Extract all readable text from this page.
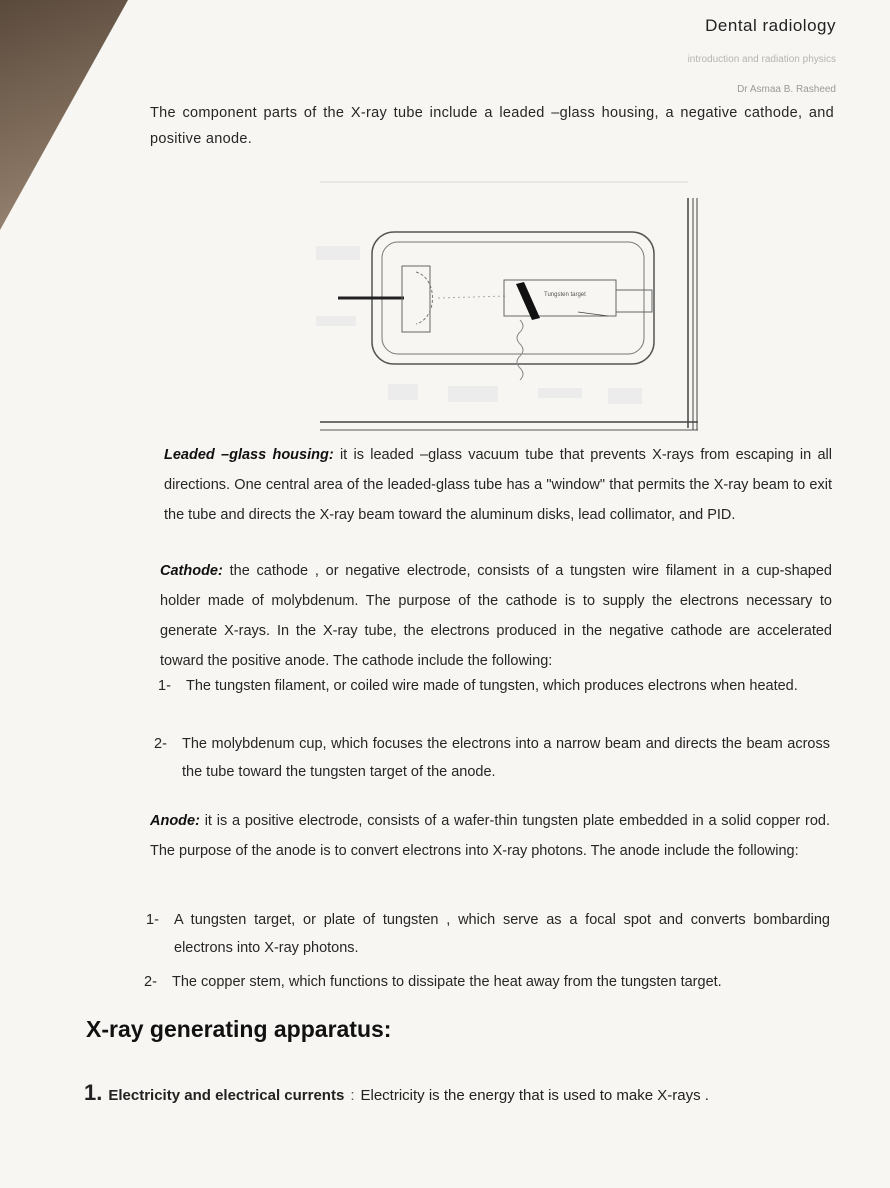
Dental radiology
introduction and radiation physics
Dr Asmaa B. Rasheed
The component parts of the X-ray tube include a leaded –glass housing, a negative cathode, and positive anode.
Tungsten target
Leaded –glass housing: it is leaded –glass vacuum tube that prevents X-rays from escaping in all directions. One central area of the leaded-glass tube has a "window" that permits the X-ray beam to exit the tube and directs the X-ray beam toward the aluminum disks, lead collimator, and PID.
Cathode: the cathode , or negative electrode, consists of a tungsten wire filament in a cup-shaped holder made of molybdenum. The purpose of the cathode is to supply the electrons necessary to generate X-rays. In the X-ray tube, the electrons produced in the negative cathode are accelerated toward the positive anode. The cathode include the following:
1-	The tungsten filament, or coiled wire made of tungsten, which produces electrons when heated.
2-	The molybdenum cup, which focuses the electrons into a narrow beam and directs the beam across the tube toward the tungsten target of the anode.
Anode: it is a positive electrode, consists of a wafer-thin tungsten plate embedded in a solid copper rod. The purpose of the anode is to convert electrons into X-ray photons. The anode include the following:
1-	A tungsten target, or plate of tungsten , which serve as a focal spot and converts bombarding electrons into X-ray photons.
2-	The copper stem, which functions to dissipate the heat away from the tungsten target.
X-ray generating apparatus:
1. Electricity and electrical currents : Electricity is the energy that is used to make X-rays .
